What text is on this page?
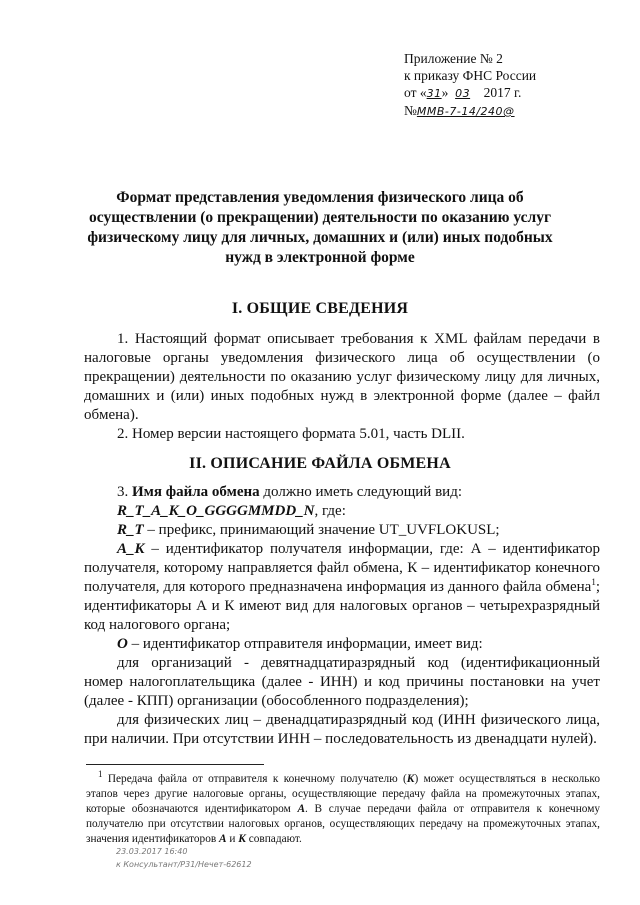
Приложение № 2
к приказу ФНС России
от «31» 03 2017 г.
№ММВ-7-14/240@
Формат представления уведомления физического лица об
осуществлении (о прекращении) деятельности по оказанию услуг
физическому лицу для личных, домашних и (или) иных подобных
нужд в электронной форме
I. ОБЩИЕ СВЕДЕНИЯ

1. Настоящий формат описывает требования к XML файлам передачи в налоговые органы уведомления физического лица об осуществлении (о прекращении) деятельности по оказанию услуг физическому лицу для личных, домашних и (или) иных подобных нужд в электронной форме (далее – файл обмена).

2. Номер версии настоящего формата 5.01, часть DLII.

II. ОПИСАНИЕ ФАЙЛА ОБМЕНА

3. Имя файла обмена должно иметь следующий вид:

R_T_A_K_O_GGGGMMDD_N, где:

R_T – префикс, принимающий значение UT_UVFLOKUSL;

A_K – идентификатор получателя информации, где: А – идентификатор получателя, которому направляется файл обмена, К – идентификатор конечного получателя, для которого предназначена информация из данного файла обмена$^1$; идентификаторы А и К имеют вид для налоговых органов – четырехразрядный код налогового органа;

O – идентификатор отправителя информации, имеет вид:

для организаций - девятнадцатиразрядный код (идентификационный номер налогоплательщика (далее - ИНН) и код причины постановки на учет (далее - КПП) организации (обособленного подразделения);

для физических лиц – двенадцатиразрядный код (ИНН физического лица, при наличии. При отсутствии ИНН – последовательность из двенадцати нулей).

$^1$ Передача файла от отправителя к конечному получателю (К) может осуществляться в несколько этапов через другие налоговые органы, осуществляющие передачу файла на промежуточных этапах, которые обозначаются идентификатором А. В случае передачи файла от отправителя к конечному получателю при отсутствии налоговых органов, осуществляющих передачу на промежуточных этапах, значения идентификаторов А и К совпадают.

23.03.2017 16:40
к Консультант/Р31/Нечет-62612
